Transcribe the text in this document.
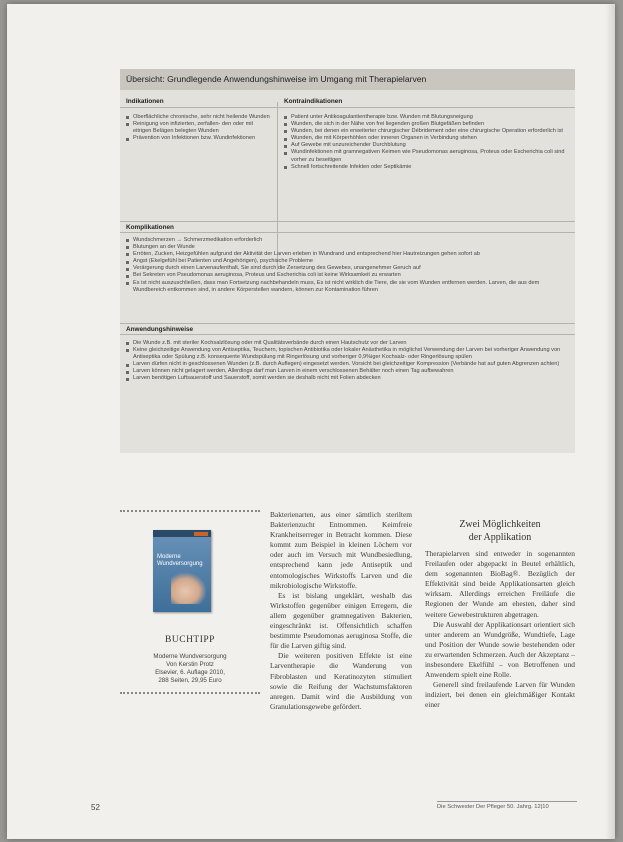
Übersicht: Grundlegende Anwendungshinweise im Umgang mit Therapielarven
Indikationen	Kontraindikationen
Oberflächliche chronische, sehr nicht heilende Wunden
Reinigung von infizierten, zerfallen- den oder mit eitrigen Belägen belegten Wunden
Prävention von Infektionen bzw. Wundinfektionen
Patient unter Antikoagulantientherapie bzw. Wunden mit Blutungsneigung
Wunden, die sich in der Nähe von frei liegenden großen Blutgefäßen befinden
Wunden, bei denen ein erweiterter chirurgischer Débridement oder eine chirurgische Operation erforderlich ist
Wunden, die mit Körperhöhlen oder inneren Organen in Verbindung stehen
Auf Gewebe mit unzureichender Durchblutung
Wundinfektionen mit gramnegativen Keimen wie Pseudomonas aeruginosa, Proteus oder Escherichia coli sind vorher zu beseitigen
Schnell fortschreitende Infekten oder Septikämie
Komplikationen
Wundschmerzen → Schmerzmedikation erforderlich
Blutungen an der Wunde
Erröten, Zucken, Heizgefühlen aufgrund der Aktivität der Larven erleben in Wundrand und entsprechend hier Hautreizungen gehen sofort ab
Angst (Ekelgefühl bei Patienten und Angehörigen), psychische Probleme
Verärgerung durch einen Larvenaufenthalt, Sie sind durch die Zersetzung des Gewebes, unangenehmer Geruch auf
Bei Sekreten von Pseudomonas aeruginosa, Proteus und Escherichia coli ist keine Wirksamkeit zu erwarten
Es ist nicht auszuschließen, dass man Fortsetzung nachbehandeln muss, Es ist nicht wirklich die Tiere, die sie vom Wunden entfernen werden. Larven, die aus dem Wundbereich entkommen sind, in andere Körperstellen wandern, können zur Kontamination führen
Anwendungshinweise
Die Wunde z.B. mit steriler Kochsalzlösung oder mit Qualitätsverbände durch einen Hautschutz vor der Larven
Keine gleichzeitige Anwendung von Antiseptika, Teuchern, topischen Antibiotika oder lokaler Anästhetika in möglichst Verwendung der Larven bei vorheriger Anwendung von Antiseptika oder Spülung z.B. konsequente Wundspülung mit Ringerlösung und vorheriger 0,9%iger Kochsalz- oder Ringerlösung spülen
Larven dürfen nicht in geschlossenen Wunden (z.B. durch Auflegen) eingesetzt werden. Vorsicht bei gleichzeitiger Kompression (Verbände hat auf guten Abgrenzen achten)
Larven können nicht gelagert werden, Allerdings darf man Larven in einem verschlossenen Behälter noch einen Tag aufbewahren
Larven benötigen Luftsauerstoff und Sauerstoff, somit werden sie deshalb nicht mit Folien abdecken
Moderne
Wundversorgung
BUCHTIPP
Moderne Wundversorgung
Von Kerstin Protz
Elsevier, 6. Auflage 2010,
288 Seiten, 29,95 Euro

Bakterienarten, aus einer sämtlich steriltem Bakterienzucht Entnommen. Keimfreie Krankheitserreger in Betracht kommen. Diese kommt zum Beispiel in kleinen Löchern vor oder auch im Versuch mit Wundbesiedlung, entsprechend kann jede Antiseptik und entomologisches Wirkstoffs Larven und die mikrobiologische Wirkstoffe.

Es ist bislang ungeklärt, weshalb das Wirkstoffen gegenüber einigen Erregern, die allem gegenüber gramnegativen Bakterien, eingeschränkt ist. Offensichtlich schaffen bestimmte Pseudomonas aeruginosa Stoffe, die für die Larven giftig sind.

Die weiteren positiven Effekte ist eine Larventherapie die Wanderung von Fibroblasten und Keratinozyten stimuliert sowie die Reifung der Wachstumsfaktoren anregen. Damit wird die Ausbildung von Granulationsgewebe gefördert.

Zwei Möglichkeiten
der Applikation

Therapielarven sind entweder in sogenannten Freilaufen oder abgepackt in Beutel erhältlich, dem sogenannten BioBag®. Bezüglich der Effektivität sind beide Applikationsarten gleich wirksam. Allerdings erreichen Freiläufe die Regionen der Wunde am ehesten, daher sind weitere Gewebestrukturen abgetragen.

Die Auswahl der Applikationsart orientiert sich unter anderem an Wundgröße, Wundtiefe, Lage und Position der Wunde sowie bestehenden oder zu erwartenden Schmerzen. Auch der Akzeptanz – insbesondere Ekelfühl – von Betroffenen und Anwendern spielt eine Rolle.

Generell sind freilaufende Larven für Wunden indiziert, bei denen ein gleichmäßiger Kontakt einer

52	Die Schwester Der Pfleger 50. Jahrg. 12|10
